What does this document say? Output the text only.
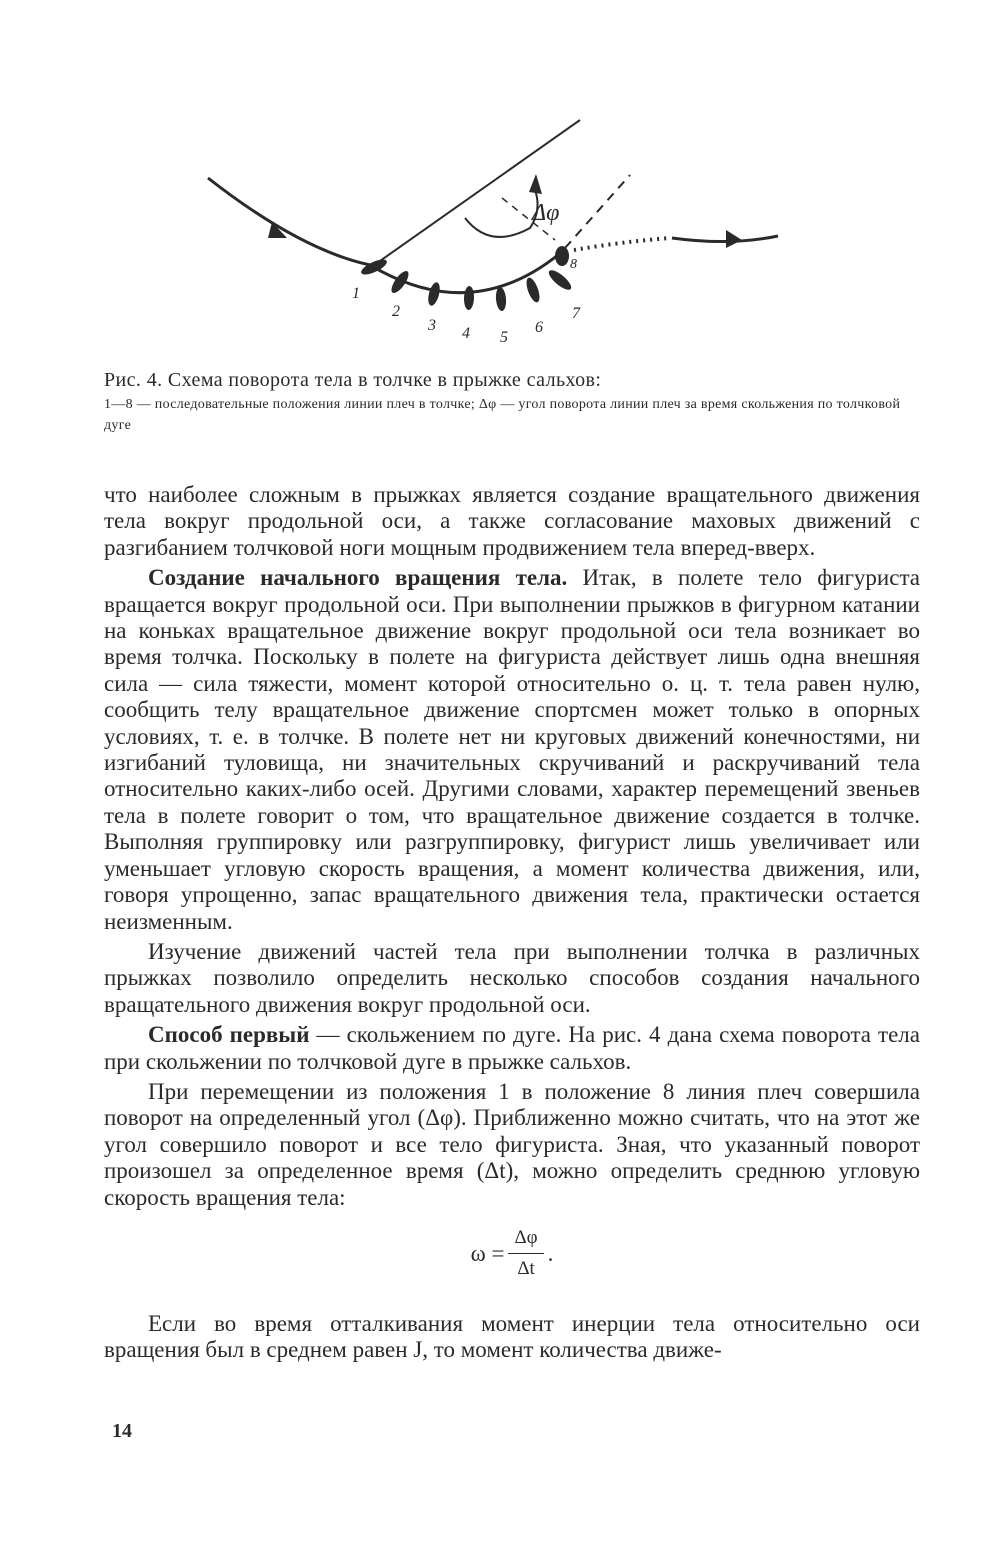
Δφ
1
2
3 4 5
6
7
8
Рис. 4. Схема поворота тела в толчке в прыжке сальхов:
1—8 — последовательные положения линии плеч в толчке; Δφ — угол поворота линии плеч за время скольжения по толчковой дуге

что наиболее сложным в прыжках является создание вращательного движения тела вокруг продольной оси, а также согласование маховых движений с разгибанием толчковой ноги мощным продвижением тела вперед-вверх.

Создание начального вращения тела. Итак, в полете тело фигуриста вращается вокруг продольной оси. При выполнении прыжков в фигурном катании на коньках вращательное движение вокруг продольной оси тела возникает во время толчка. Поскольку в полете на фигуриста действует лишь одна внешняя сила — сила тяжести, момент которой относительно о. ц. т. тела равен нулю, сообщить телу вращательное движение спортсмен может только в опорных условиях, т. е. в толчке. В полете нет ни круговых движений конечностями, ни изгибаний туловища, ни значительных скручиваний и раскручиваний тела относительно каких-либо осей. Другими словами, характер перемещений звеньев тела в полете говорит о том, что вращательное движение создается в толчке. Выполняя группировку или разгруппировку, фигурист лишь увеличивает или уменьшает угловую скорость вращения, а момент количества движения, или, говоря упрощенно, запас вращательного движения тела, практически остается неизменным.

Изучение движений частей тела при выполнении толчка в различных прыжках позволило определить несколько способов создания начального вращательного движения вокруг продольной оси.

Способ первый — скольжением по дуге. На рис. 4 дана схема поворота тела при скольжении по толчковой дуге в прыжке сальхов.

При перемещении из положения 1 в положение 8 линия плеч совершила поворот на определенный угол (Δφ). Приближенно можно считать, что на этот же угол совершило поворот и все тело фигуриста. Зная, что указанный поворот произошел за определенное время (Δt), можно определить среднюю угловую скорость вращения тела:

$\omega = \frac{\Delta\varphi}{\Delta t}$ .

Если во время отталкивания момент инерции тела относительно оси вращения был в среднем равен J, то момент количества движе-

14
